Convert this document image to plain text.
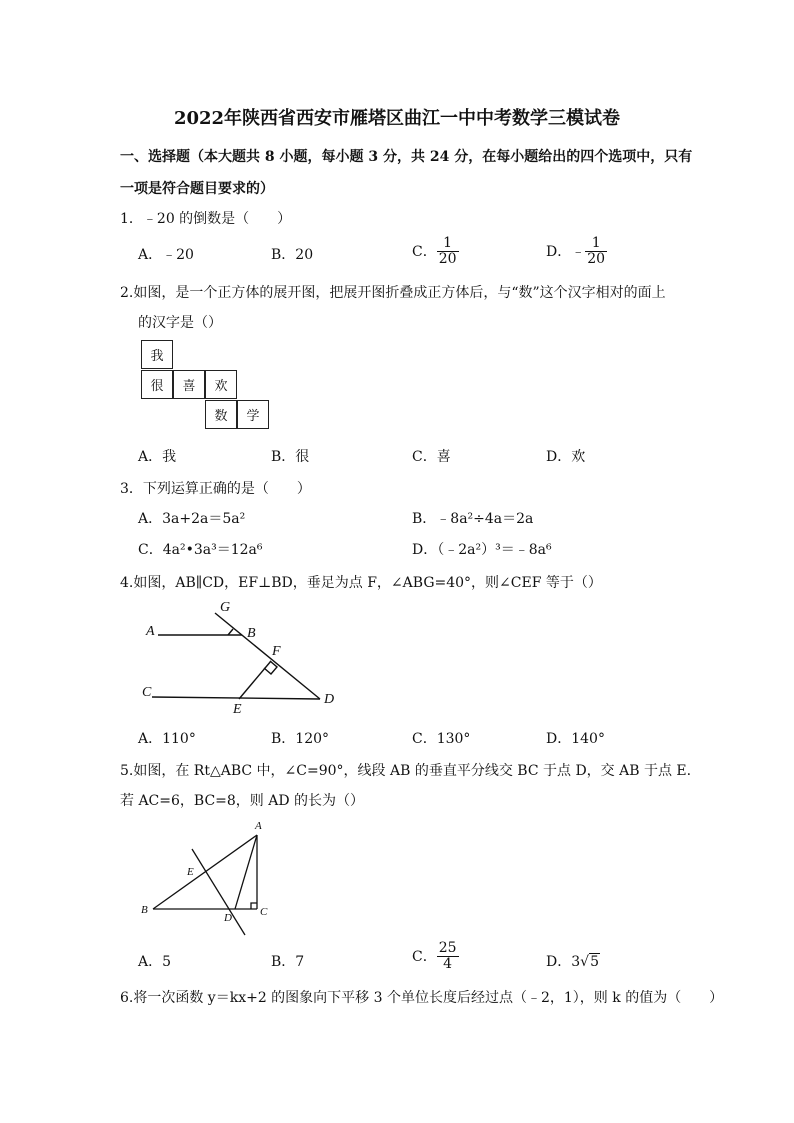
2022年陕西省西安市雁塔区曲江一中中考数学三模试卷
一、选择题（本大题共 8 小题，每小题 3 分，共 24 分，在每小题给出的四个选项中，只有
一项是符合题目要求的）
1．﹣20 的倒数是（　　）
A．﹣20	B．20	C． $\frac{1}{20}$	D．﹣ $\frac{1}{20}$
2.如图，是一个正方体的展开图，把展开图折叠成正方体后，与“数”这个汉字相对的面上
的汉字是（）
我
很	喜	欢
数	学
A．我	B．很	C．喜	D．欢
3．下列运算正确的是（　　）
A．3a+2a＝5a²	B．﹣8a²÷4a＝2a
C．4a²•3a³＝12a⁶	D．（﹣2a²）³＝﹣8a⁶
4.如图，AB∥CD，EF⊥BD，垂足为点 F，∠ABG=40°，则∠CEF 等于（）
G
A	B
F
C	D
E
A．110°	B．120°	C．130°	D．140°
5.如图，在 Rt△ABC 中，∠C=90°，线段 AB 的垂直平分线交 BC 于点 D，交 AB 于点 E.
若 AC=6，BC=8，则 AD 的长为（）
A
E
B
D	C
A．5	B．7	C． $\frac{25}{4}$	D．3√5
6.将一次函数 y＝kx+2 的图象向下平移 3 个单位长度后经过点（﹣2，1），则 k 的值为（　　）
